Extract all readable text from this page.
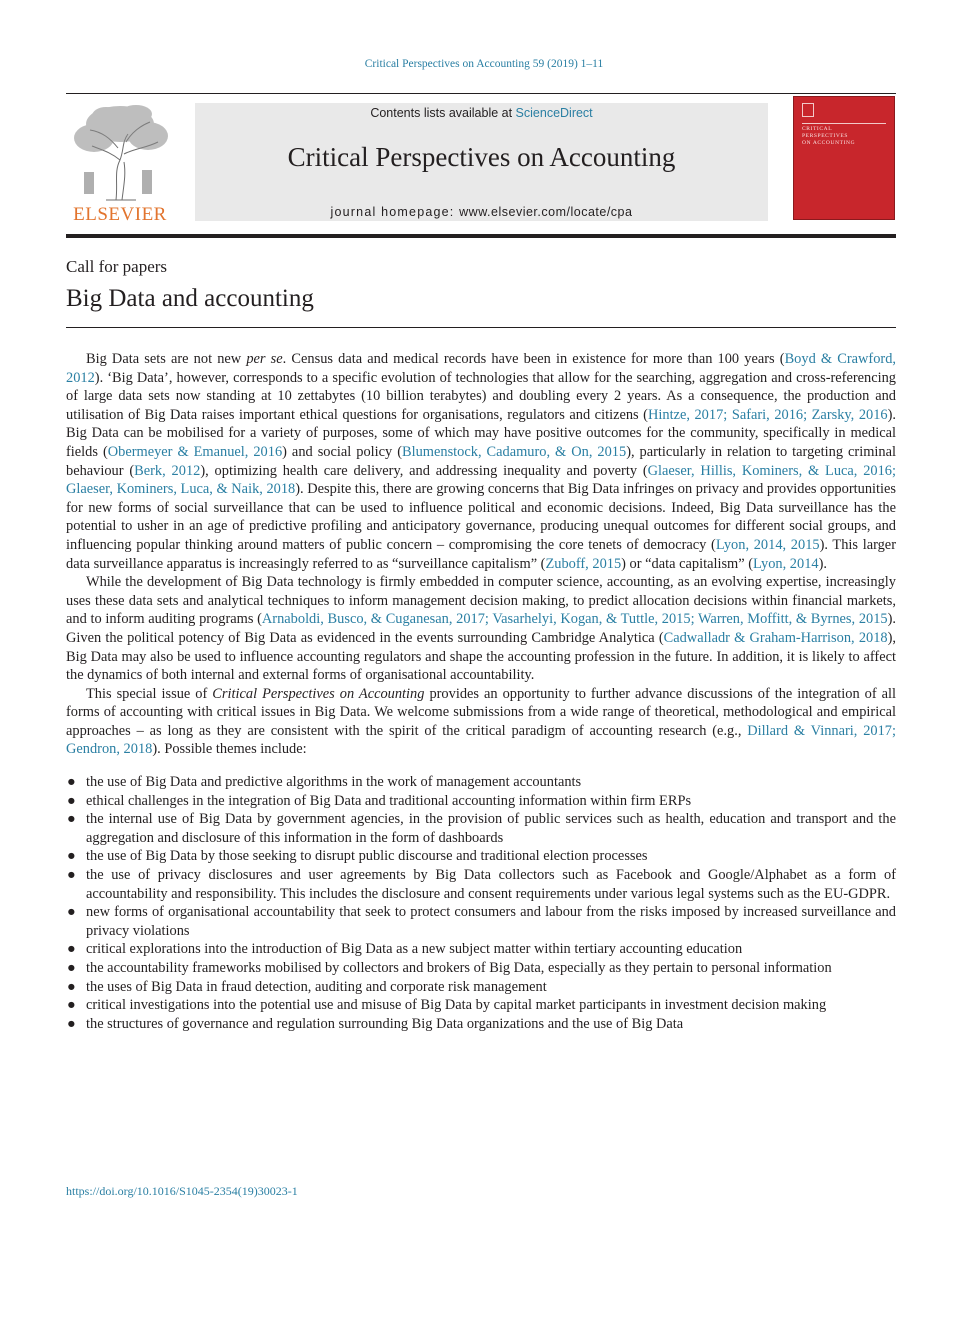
Critical Perspectives on Accounting 59 (2019) 1–11
ELSEVIER
Contents lists available at ScienceDirect
Critical Perspectives on Accounting
journal homepage: www.elsevier.com/locate/cpa
CRITICAL
PERSPECTIVES
ON ACCOUNTING
Call for papers
Big Data and accounting

Big Data sets are not new per se. Census data and medical records have been in existence for more than 100 years (Boyd & Crawford, 2012). ‘Big Data’, however, corresponds to a specific evolution of technologies that allow for the searching, aggregation and cross-referencing of large data sets now standing at 10 zettabytes (10 billion terabytes) and doubling every 2 years. As a consequence, the production and utilisation of Big Data raises important ethical questions for organisations, regulators and citizens (Hintze, 2017; Safari, 2016; Zarsky, 2016). Big Data can be mobilised for a variety of purposes, some of which may have positive outcomes for the community, specifically in medical fields (Obermeyer & Emanuel, 2016) and social policy (Blumenstock, Cadamuro, & On, 2015), particularly in relation to targeting criminal behaviour (Berk, 2012), optimizing health care delivery, and addressing inequality and poverty (Glaeser, Hillis, Kominers, & Luca, 2016; Glaeser, Kominers, Luca, & Naik, 2018). Despite this, there are growing concerns that Big Data infringes on privacy and provides opportunities for new forms of social surveillance that can be used to influence political and economic decisions. Indeed, Big Data surveillance has the potential to usher in an age of predictive profiling and anticipatory governance, producing unequal outcomes for different social groups, and influencing popular thinking around matters of public concern – compromising the core tenets of democracy (Lyon, 2014, 2015). This larger data surveillance apparatus is increasingly referred to as “surveillance capitalism” (Zuboff, 2015) or “data capitalism” (Lyon, 2014).

While the development of Big Data technology is firmly embedded in computer science, accounting, as an evolving expertise, increasingly uses these data sets and analytical techniques to inform management decision making, to predict allocation decisions within financial markets, and to inform auditing programs (Arnaboldi, Busco, & Cuganesan, 2017; Vasarhelyi, Kogan, & Tuttle, 2015; Warren, Moffitt, & Byrnes, 2015). Given the political potency of Big Data as evidenced in the events surrounding Cambridge Analytica (Cadwalladr & Graham-Harrison, 2018), Big Data may also be used to influence accounting regulators and shape the accounting profession in the future. In addition, it is likely to affect the dynamics of both internal and external forms of organisational accountability.

This special issue of Critical Perspectives on Accounting provides an opportunity to further advance discussions of the integration of all forms of accounting with critical issues in Big Data. We welcome submissions from a wide range of theoretical, methodological and empirical approaches – as long as they are consistent with the spirit of the critical paradigm of accounting research (e.g., Dillard & Vinnari, 2017; Gendron, 2018). Possible themes include:

● the use of Big Data and predictive algorithms in the work of management accountants
● ethical challenges in the integration of Big Data and traditional accounting information within firm ERPs
● the internal use of Big Data by government agencies, in the provision of public services such as health, education and transport and the aggregation and disclosure of this information in the form of dashboards
● the use of Big Data by those seeking to disrupt public discourse and traditional election processes
● the use of privacy disclosures and user agreements by Big Data collectors such as Facebook and Google/Alphabet as a form of accountability and responsibility. This includes the disclosure and consent requirements under various legal systems such as the EU-GDPR.
● new forms of organisational accountability that seek to protect consumers and labour from the risks imposed by increased surveillance and privacy violations
● critical explorations into the introduction of Big Data as a new subject matter within tertiary accounting education
● the accountability frameworks mobilised by collectors and brokers of Big Data, especially as they pertain to personal information
● the uses of Big Data in fraud detection, auditing and corporate risk management
● critical investigations into the potential use and misuse of Big Data by capital market participants in investment decision making
● the structures of governance and regulation surrounding Big Data organizations and the use of Big Data
https://doi.org/10.1016/S1045-2354(19)30023-1
